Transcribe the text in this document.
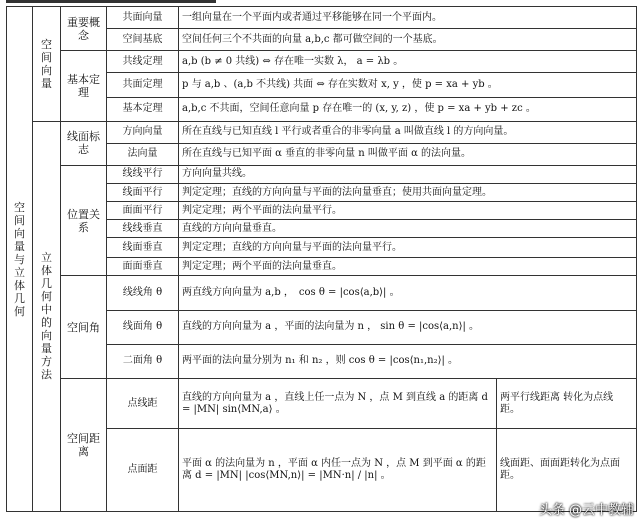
空间向量与立体几何	空间向量	重要概念	共面向量	一组向量在一个平面内或者通过平移能够在同一个平面内。	
			空间基底	空间任何三个不共面的向量 a,b,c 都可做空间的一个基底。	
		基本定理	共线定理	a,b (b ≠ 0 共线) ⇔ 存在唯一实数 λ， a = λb 。	
			共面定理	p 与 a,b 、(a,b 不共线) 共面 ⇔ 存在实数对 x, y ，使 p = xa + yb 。	
			基本定理	a,b,c 不共面，空间任意向量 p 存在唯一的 (x, y, z) ，使 p = xa + yb + zc 。	
	立体几何中的向量方法	线面标志	方向向量	所在直线与已知直线 l 平行或者重合的非零向量 a 叫做直线 l 的方向向量。	
			法向量	所在直线与已知平面 α 垂直的非零向量 n 叫做平面 α 的法向量。	
		位置关系	线线平行	方向向量共线。	
			线面平行	判定定理；直线的方向向量与平面的法向量垂直；使用共面向量定理。	
			面面平行	判定定理；两个平面的法向量平行。	
			线线垂直	直线的方向向量垂直。	
			线面垂直	判定定理；直线的方向向量与平面的法向量平行。	
			面面垂直	判定定理；两个平面的法向量垂直。	
		空间角	线线角 θ	两直线方向向量为 a,b ，　cos θ = |cos⟨a,b⟩| 。	
			线面角 θ	直线的方向向量为 a ，平面的法向量为 n ， sin θ = |cos⟨a,n⟩| 。	
			二面角 θ	两平面的法向量分别为 n₁ 和 n₂ ，则 cos θ = |cos⟨n₁,n₂⟩| 。	
		空间距离	点线距	直线的方向向量为 a ，直线上任一点为 N ，点 M 到直线 a 的距离 d = |MN| sin⟨MN,a⟩ 。	两平行线距离 转化为点线距。
			点面距	平面 α 的法向量为 n ，平面 α 内任一点为 N ，点 M 到平面 α 的距离 d = |MN| |cos⟨MN,n⟩| = |MN·n| / |n| 。	线面距、面面距转化为点面距。
头条 @云中教辅
